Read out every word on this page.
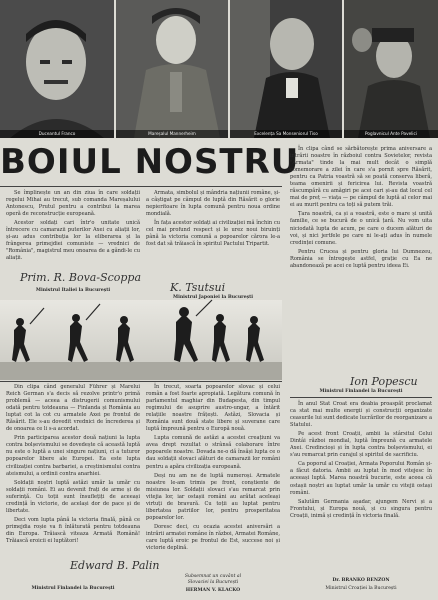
Duceantul Franco	Mareșalul Mannerheim	Excelența Sa Monseniorul Tiso	Poglavnicul Ante Pavelici
BOIUL NOSTRU

Se împlinește un an din ziua în care soldații regelui Mihai au trecut, sub comanda Mareșalului Antonescu, Prutul pentru a contribui la marea operă de reconstrucție europeană.

Acestor soldați cari într'o unitate unică întrecere cu camarazii puterilor Axei cu aliații lor, și-au adus contribuția lor la eliberarea și la frângerea primejdiei comuniste — vrednici de "România", magistrul meu onoarea de a gândi-le cu aliații.

Prim. R. Bova-Scoppa
Ministrul Italiei la București

Armata, simbolul și mândria națiunii române, și-a câștigat pe câmpul de luptă din Răsărit o glorie nepieritoare în lupta comună pentru noua ordine mondială.

În fața acestor soldați ai civilizației mă închin cu cel mai profund respect și le urez noui biruinți până la victoria comună a popoarelor cărora le-a fost dat să trăiască în spiritul Pactului Tripartit.

K. Tsutsui
Ministrul Japoniei la București

În clipa când se sărbătorește prima aniversare a intrării noastre în războiul contra Sovietelor, revista "Armata" tinde la mai mult decât o simplă comemorare a zilei în care s'a pornit spre Răsărit, pentru ca Patria voastră să se poată conserva liberă, teama omenirii și fericirea lui. Revista voastră răscumpără cu amăgiri pe acei cari și-au dat locul cel mai de preț — viața — pe câmpul de luptă al celor mai ei au murit pentru ca toți să putem trăi.

Țara noastră, ca și a voastră, este o mare și unită familie, ce se bucură de o unică țară. Nu vom uita niciodată lupta de acum, pe care o ducem alături de voi, și nici jertfele pe care ni le-ați adus în numele credinței comune.

Pentru Crucea și pentru gloria lui Dumnezeu, România se întregește astfel, grație cu Ea ne abandonează pe acei ce luptă pentru ideea Ei.

Ion Popescu
Ministrul Finlandei la București

Din clipa când generalul Führer și Marelui Reich German s'a decis să rezolve printr'o primă problemă — aceea a distrugerii comunismului odată pentru totdeauna — Finlanda și România au luptat cot la cot cu armatele Axei pe frontul de Răsărit. Ele s-au dovedit vrednici de încrederea și de onoarea ce li s-a acordat.

Prin participarea acestor două națiuni la lupta contra bolșevismului se dovedește că această luptă nu este o luptă a unei singure națiuni, ci a tuturor popoarelor libere ale Europei. Ea este lupta civilizației contra barbariei, a creștinismului contra ateismului, a ordinii contra anarhiei.

Soldații noștri luptă astăzi umăr la umăr cu soldații români. Ei au devenit frați de arme și de suferință. Cu toții sunt însuflețiți de aceeași credință în victorie, de același dor de pace și de libertate.

Deci vom lupta până la victoria finală, până ce primejdia roșie va fi înlăturată pentru totdeauna din Europa. Trăiască viteaza Armată Română! Trăiască eroicii ei luptători!

Edward B. Palin
Ministrul Finlandei la București

În trecut, soarta popoarelor slovac și celui român a fost foarte apropiată. Legătura comună în parlamentul maghiar din Budapesta, din timpul regimului de asuprire austro-ungar, a întărit relațiile noastre frățești. Astăzi, Slovacia și România sunt două state libere și suverane care luptă împreună pentru o Europă nouă.

Lupta comună de astăzi a acestei creațiuni va avea drept rezultat o strânsă colaborare între popoarele noastre. Dovada ne-o dă însăși lupta ce o dau soldații slovaci alături de camarazii lor români pentru a apăra civilizația europeană.

Deși nu am ne de luptă numeroși. Armatele noastre le-am trimis pe front, conștiente de misiunea lor. Soldații slovaci s'au remarcat prin vitejia lor, iar ostașii români au arătat aceleași virtuți de bravură. Cu toții au luptat pentru libertatea patriilor lor, pentru prosperitatea popoarelor lor.

Doresc deci, cu ocazia acestei aniversări a intrării armatei române în război, Armatei Române, care luptă eroic pe frontul de Est, succese noi și victorie deplină.

Subsemnat un cuvânt al
Slovaciei la București
HERMAN V. KLACKO

În anul Stat Croat era deabia proaspăt proclamat ca stat mai multe energii și construcții organizate ceasurile lui sunt dedicate lucrărilor de reorganizare a Statului.

Pe acest front Croații, ambii la stârsitul Celui Dintâi război mondial, luptă împreună cu armatele Axei. Credincioși și în lupta contra bolșevismului, ei s'au remarcat prin curajul și spiritul de sacrificiu.

Ca poporul al Croației, Armata Poporului Român și-a făcut datoria. Ambii au luptat în mod vitejesc în aceeași luptă. Marea noastră bucurie, este aceea că ostașii noștri au luptat umăr la umăr cu vitejii ostași români.

Salutăm Germania așadar, ajungem Nervi și a Frontului, și Europa nouă, și cu singura pentru Croații, inimă și credință în victoria finală.

Dr. BRANKO BENZON
Ministrul Croației la București
